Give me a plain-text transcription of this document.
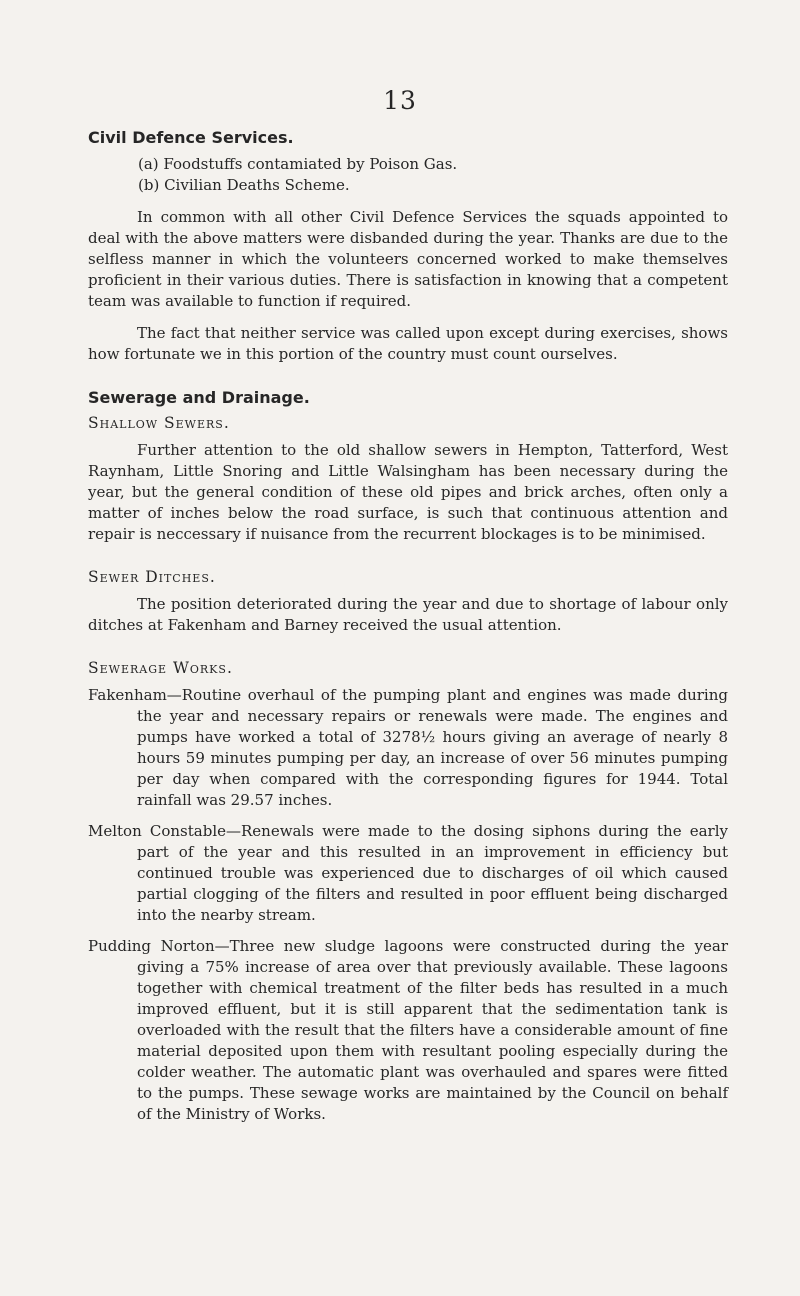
13
Civil Defence Services.
(a) Foodstuffs contamiated by Poison Gas.
(b) Civilian Deaths Scheme.

In common with all other Civil Defence Services the squads appointed to deal with the above matters were disbanded during the year. Thanks are due to the selfless manner in which the volunteers concerned worked to make themselves proficient in their various duties. There is satisfaction in knowing that a competent team was available to function if required.

The fact that neither service was called upon except during exercises, shows how fortunate we in this portion of the country must count ourselves.

Sewerage and Drainage.
Shallow Sewers.

Further attention to the old shallow sewers in Hempton, Tatterford, West Raynham, Little Snoring and Little Walsingham has been necessary during the year, but the general condition of these old pipes and brick arches, often only a matter of inches below the road surface, is such that continuous attention and repair is neccessary if nuisance from the recurrent blockages is to be minimised.

Sewer Ditches.

The position deteriorated during the year and due to shortage of labour only ditches at Fakenham and Barney received the usual attention.

Sewerage Works.

Fakenham—Routine overhaul of the pumping plant and engines was made during the year and necessary repairs or renewals were made. The engines and pumps have worked a total of 3278½ hours giving an average of nearly 8 hours 59 minutes pumping per day, an increase of over 56 minutes pumping per day when compared with the corresponding figures for 1944. Total rainfall was 29.57 inches.

Melton Constable—Renewals were made to the dosing siphons during the early part of the year and this resulted in an improvement in efficiency but continued trouble was experienced due to discharges of oil which caused partial clogging of the filters and resulted in poor effluent being discharged into the nearby stream.

Pudding Norton—Three new sludge lagoons were constructed during the year giving a 75% increase of area over that previously available. These lagoons together with chemical treatment of the filter beds has resulted in a much improved effluent, but it is still apparent that the sedimentation tank is overloaded with the result that the filters have a considerable amount of fine material deposited upon them with resultant pooling especially during the colder weather. The automatic plant was overhauled and spares were fitted to the pumps. These sewage works are maintained by the Council on behalf of the Ministry of Works.
